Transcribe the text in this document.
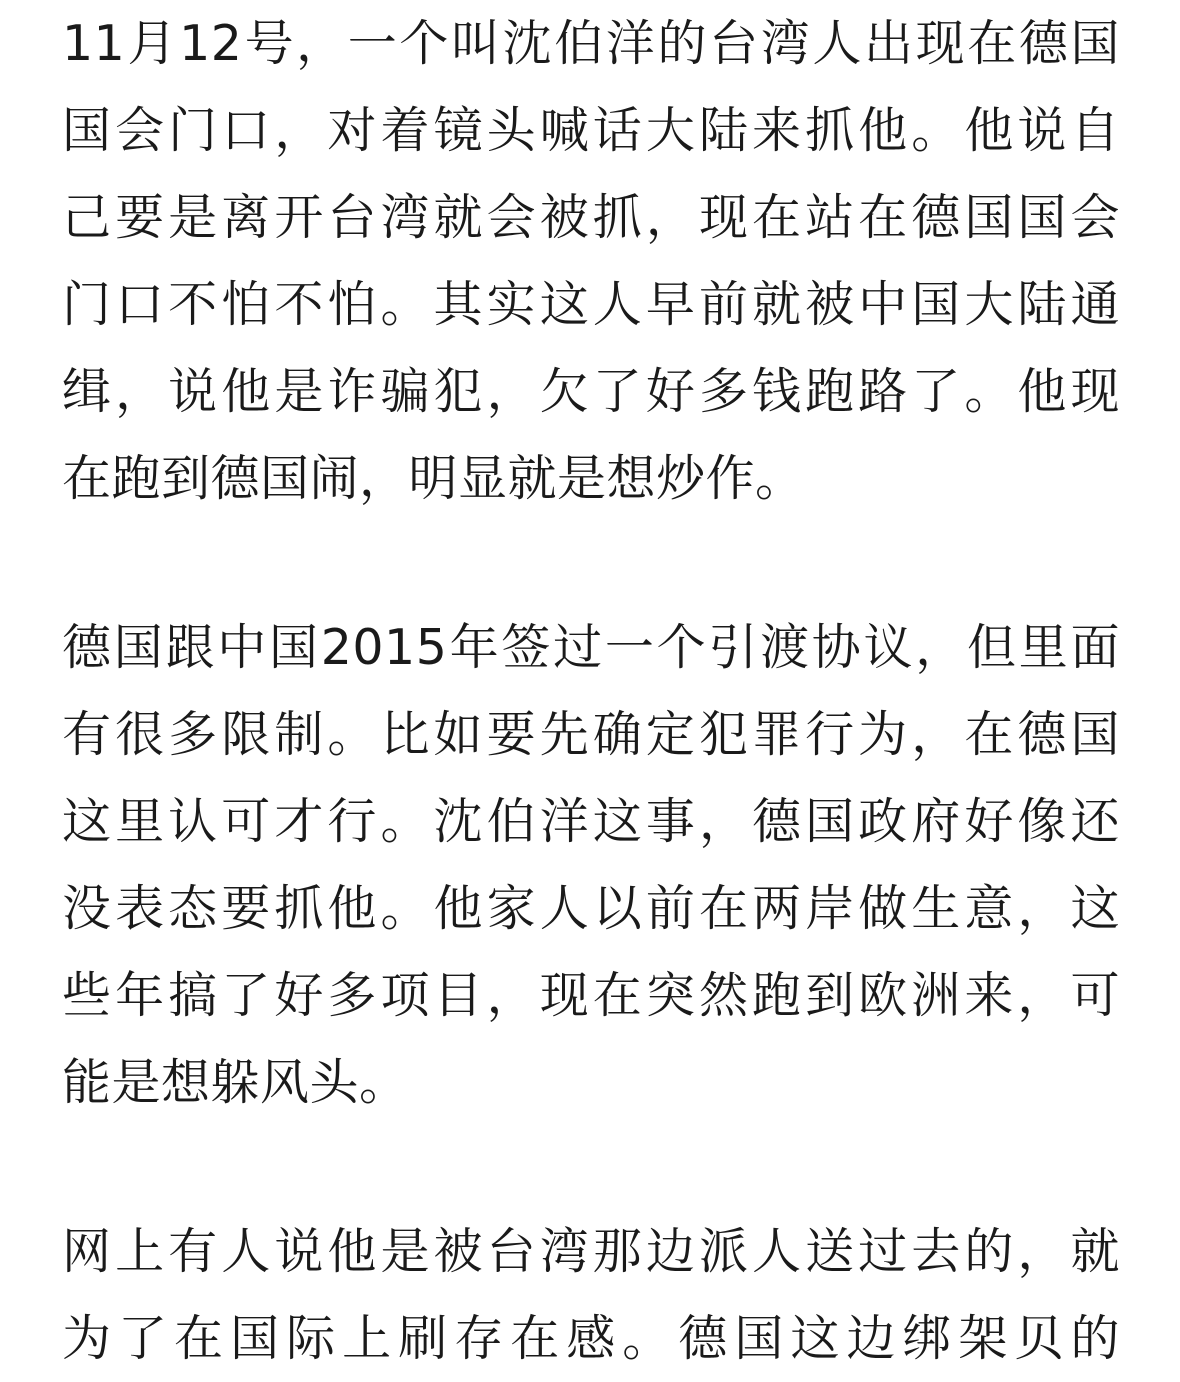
11月12号，一个叫沈伯洋的台湾人出现在德国
国会门口，对着镜头喊话大陆来抓他。他说自
己要是离开台湾就会被抓，现在站在德国国会
门口不怕不怕。其实这人早前就被中国大陆通
缉，说他是诈骗犯，欠了好多钱跑路了。他现
在跑到德国闹，明显就是想炒作。

德国跟中国2015年签过一个引渡协议，但里面
有很多限制。比如要先确定犯罪行为，在德国
这里认可才行。沈伯洋这事，德国政府好像还
没表态要抓他。他家人以前在两岸做生意，这
些年搞了好多项目，现在突然跑到欧洲来，可
能是想躲风头。

网上有人说他是被台湾那边派人送过去的，就
为了在国际上刷存在感。德国这边绑架贝的
